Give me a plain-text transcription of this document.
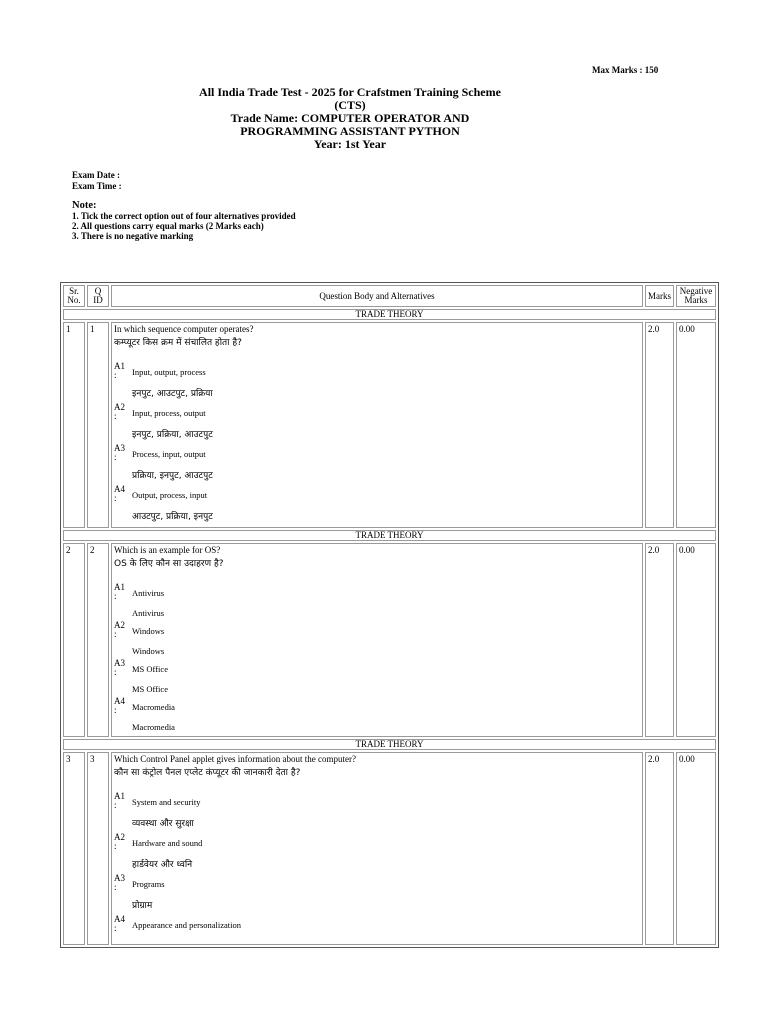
Max Marks : 150
All India Trade Test - 2025 for Crafstmen Training Scheme
(CTS)
Trade Name: COMPUTER OPERATOR AND
PROGRAMMING ASSISTANT PYTHON
Year: 1st Year
Exam Date :
Exam Time :
Note:
1. Tick the correct option out of four alternatives provided
2. All questions carry equal marks (2 Marks each)
3. There is no negative marking
Sr. No.	Q ID	Question Body and Alternatives	Marks	Negative Marks
TRADE THEORY
1	1	In which sequence computer operates?
कम्प्यूटर किस क्रम में संचालित होता है?
A1
:	Input, output, process
इनपुट, आउटपुट, प्रक्रिया
A2
:	Input, process, output
इनपुट, प्रक्रिया, आउटपुट
A3
:	Process, input, output
प्रक्रिया, इनपुट, आउटपुट
A4
:	Output, process, input
आउटपुट, प्रक्रिया, इनपुट
	2.0	0.00
TRADE THEORY
2	2	Which is an example for OS?
OS के लिए कौन सा उदाहरण है?
A1
:	Antivirus
Antivirus
A2
:	Windows
Windows
A3
:	MS Office
MS Office
A4
:	Macromedia
Macromedia
	2.0	0.00
TRADE THEORY
3	3	Which Control Panel applet gives information about the computer?
कौन सा कंट्रोल पैनल एप्लेट कंप्यूटर की जानकारी देता है?
A1
:	System and security
व्यवस्था और सुरक्षा
A2
:	Hardware and sound
हार्डवेयर और ध्वनि
A3
:	Programs
प्रोग्राम
A4
:	Appearance and personalization

	2.0	0.00
